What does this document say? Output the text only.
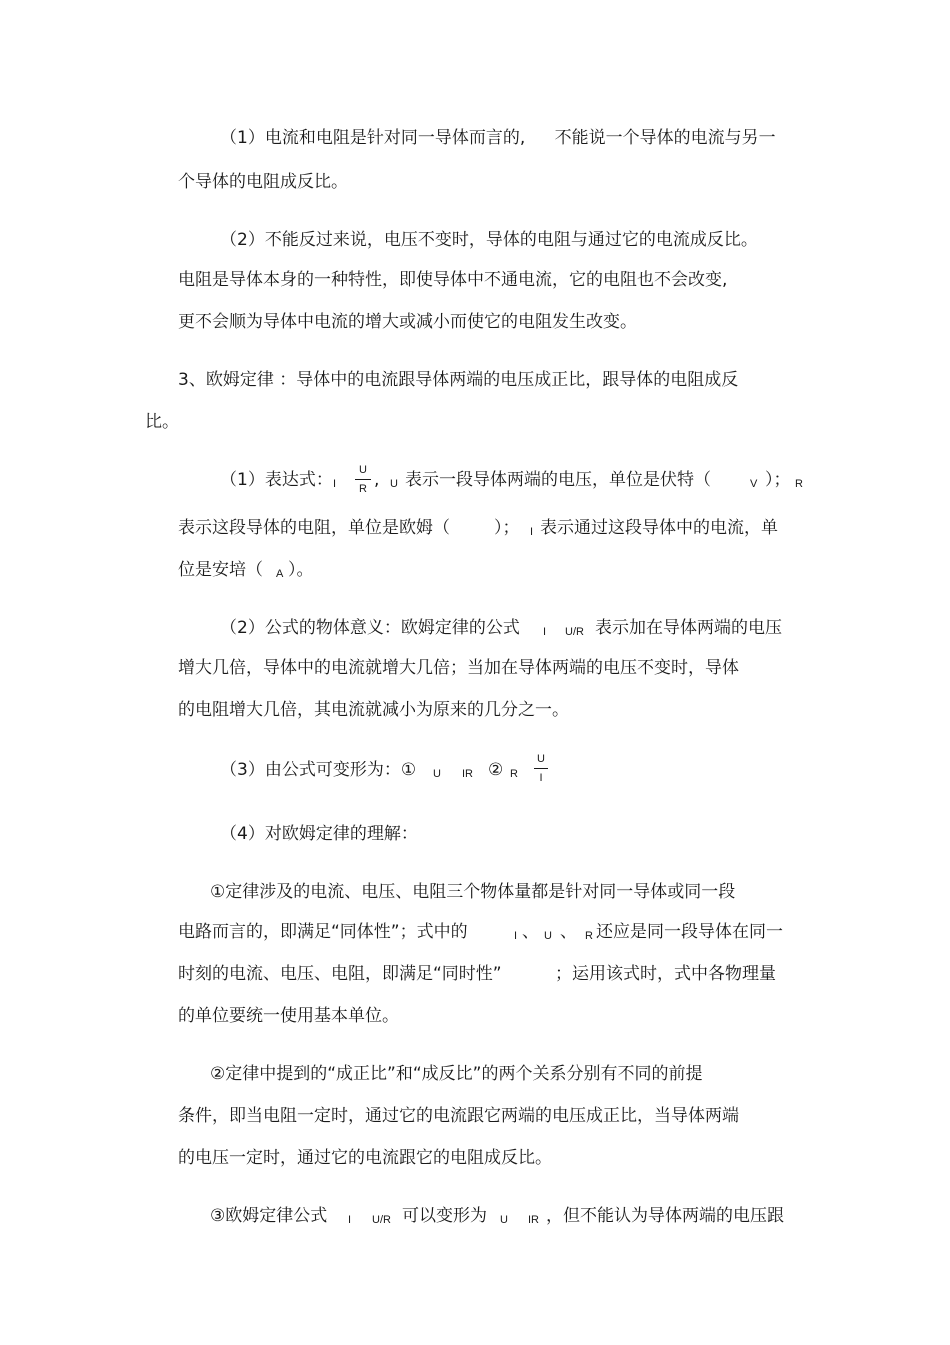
（1）电流和电阻是针对同一导体而言的, 不能说一个导体的电流与另一
个导体的电阻成反比。
（2）不能反过来说，电压不变时，导体的电阻与通过它的电流成反比。
电阻是导体本身的一种特性，即使导体中不通电流，它的电阻也不会改变,
更不会顺为导体中电流的增大或减小而使它的电阻发生改变。
3、欧姆定律 ：导体中的电流跟导体两端的电压成正比，跟导体的电阻成反
比。
（1）表达式： I
U
R , U 表示一段导体两端的电压，单位是伏特（	V ）； R
表示这段导体的电阻，单位是欧姆（	）； I 表示通过这段导体中的电流，单
位是安培（ A ）。
（2）公式的物体意义：欧姆定律的公式 I U/R 表示加在导体两端的电压
增大几倍，导体中的电流就增大几倍；当加在导体两端的电压不变时，导体
的电阻增大几倍，其电流就减小为原来的几分之一。
（3）由公式可变形为：① U IR ② R
U
I
（4）对欧姆定律的理解：
①定律涉及的电流、电压、电阻三个物体量都是针对同一导体或同一段
电路而言的，即满足“同体性”；式中的	I 、 U 、 R 还应是同一段导体在同一
时刻的电流、电压、电阻，即满足“同时性”	；运用该式时，式中各物理量
的单位要统一使用基本单位。
②定律中提到的“成正比”和“成反比”的两个关系分别有不同的前提
条件，即当电阻一定时，通过它的电流跟它两端的电压成正比，当导体两端
的电压一定时，通过它的电流跟它的电阻成反比。
③欧姆定律公式 I U/R 可以变形为 U IR ，但不能认为导体两端的电压跟
